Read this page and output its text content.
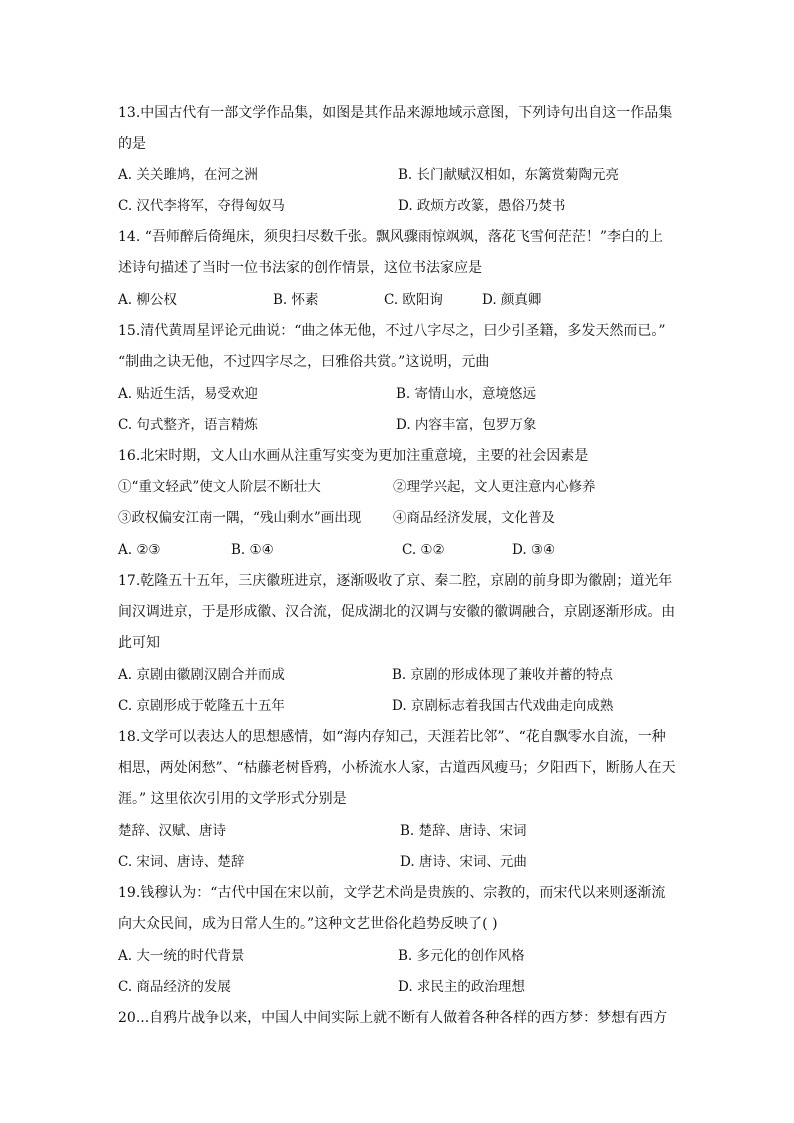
13.中国古代有一部文学作品集，如图是其作品来源地域示意图，下列诗句出自这一作品集
的是
A. 关关雎鸠，在河之洲	B. 长门献赋汉相如，东篱赏菊陶元亮
C. 汉代李将军，夺得匈奴马	D. 政烦方改篆，愚俗乃焚书
14. “吾师醉后倚绳床，须臾扫尽数千张。飘风骤雨惊飒飒，落花飞雪何茫茫！”李白的上
述诗句描述了当时一位书法家的创作情景，这位书法家应是
A. 柳公权	B. 怀素	C. 欧阳询	D. 颜真卿
15.清代黄周星评论元曲说：“曲之体无他，不过八字尽之，曰少引圣籍，多发天然而已。”
“制曲之诀无他，不过四字尽之，曰雅俗共赏。”这说明，元曲
A. 贴近生活，易受欢迎	B. 寄情山水，意境悠远
C. 句式整齐，语言精炼	D. 内容丰富，包罗万象
16.北宋时期，文人山水画从注重写实变为更加注重意境，主要的社会因素是
①“重文轻武”使文人阶层不断壮大	②理学兴起，文人更注意内心修养
③政权偏安江南一隅，“残山剩水”画出现 ④商品经济发展，文化普及
A. ②③	B. ①④	C. ①②	D. ③④
17.乾隆五十五年，三庆徽班进京，逐渐吸收了京、秦二腔，京剧的前身即为徽剧；道光年
间汉调进京，于是形成徽、汉合流，促成湖北的汉调与安徽的徽调融合，京剧逐渐形成。由
此可知
A. 京剧由徽剧汉剧合并而成	B. 京剧的形成体现了兼收并蓄的特点
C. 京剧形成于乾隆五十五年	D. 京剧标志着我国古代戏曲走向成熟
18.文学可以表达人的思想感情，如“海内存知己，天涯若比邻”、“花自飘零水自流，一种
相思，两处闲愁”、“枯藤老树昏鸦，小桥流水人家，古道西风瘦马；夕阳西下，断肠人在天
涯。” 这里依次引用的文学形式分别是
楚辞、汉赋、唐诗	B. 楚辞、唐诗、宋词
C. 宋词、唐诗、楚辞	D. 唐诗、宋词、元曲
19.钱穆认为：“古代中国在宋以前，文学艺术尚是贵族的、宗教的，而宋代以来则逐渐流
向大众民间，成为日常人生的。”这种文艺世俗化趋势反映了( )
A. 大一统的时代背景	B. 多元化的创作风格
C. 商品经济的发展	D. 求民主的政治理想
20...自鸦片战争以来，中国人中间实际上就不断有人做着各种各样的西方梦：梦想有西方
